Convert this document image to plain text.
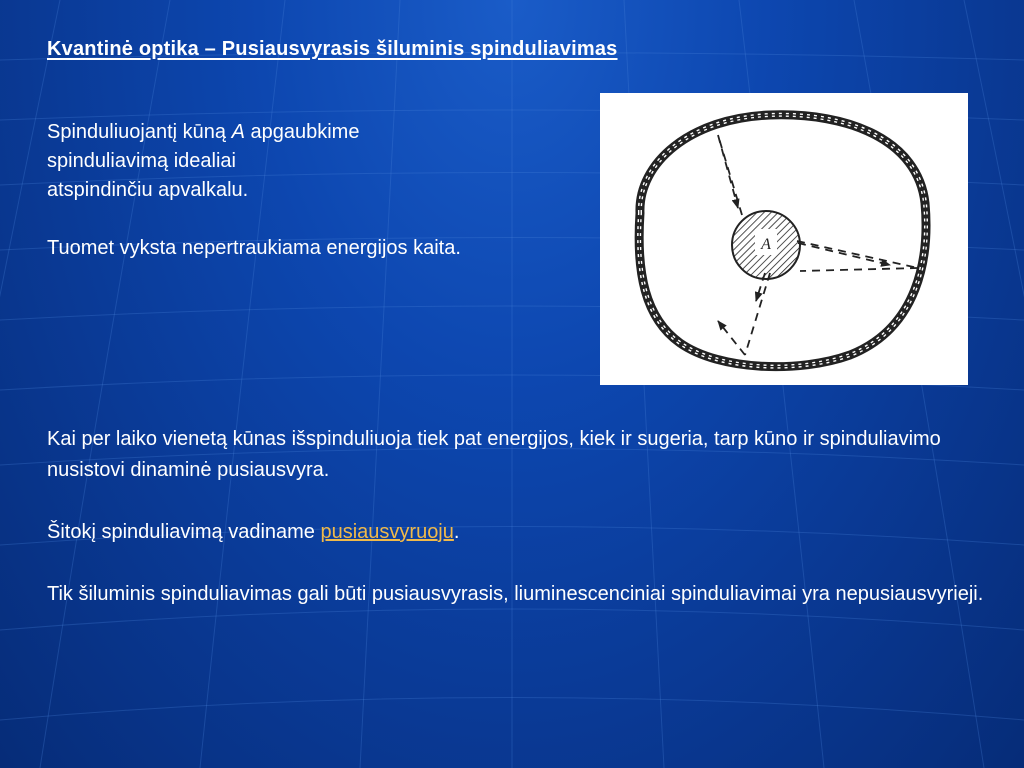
Kvantinė optika – Pusiausvyrasis šiluminis spinduliavimas

Spinduliuojantį kūną A apgaubkime

spinduliavimą idealiai

atspindinčiu apvalkalu.

Tuomet vyksta nepertraukiama energijos kaita.	A

Kai per laiko vienetą kūnas išspinduliuoja tiek pat energijos, kiek ir sugeria, tarp kūno ir spinduliavimo nusistovi dinaminė pusiausvyra.

Šitokį spinduliavimą vadiname pusiausvyruoju.

Tik šiluminis spinduliavimas gali būti pusiausvyrasis, liuminescenciniai spinduliavimai yra nepusiausvyrieji.
